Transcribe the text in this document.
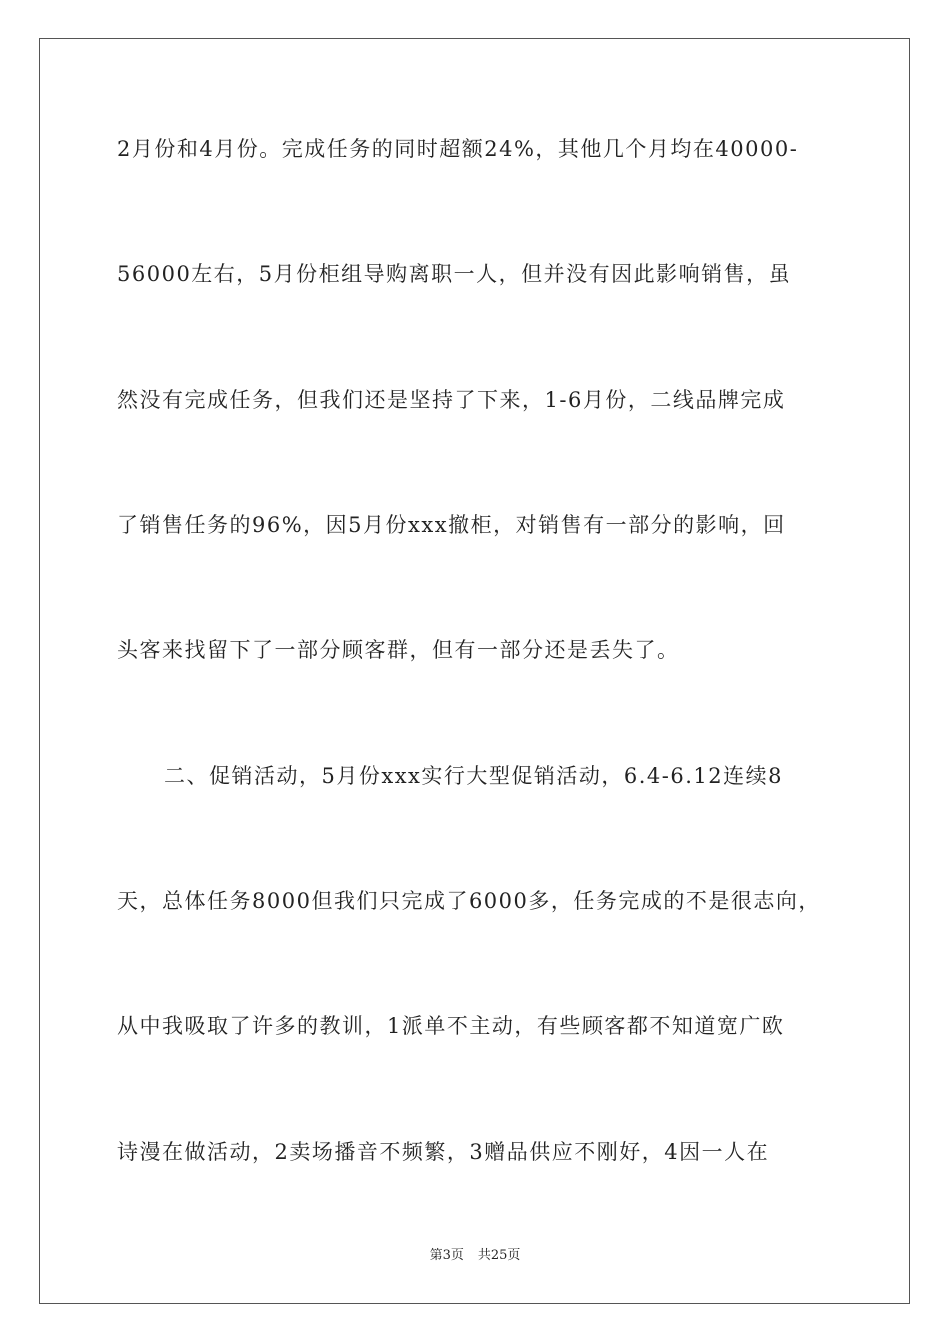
2月份和4月份。完成任务的同时超额24%，其他几个月均在40000-
56000左右，5月份柜组导购离职一人，但并没有因此影响销售，虽
然没有完成任务，但我们还是坚持了下来，1-6月份，二线品牌完成
了销售任务的96%，因5月份xxx撤柜，对销售有一部分的影响，回
头客来找留下了一部分顾客群，但有一部分还是丢失了。
二、促销活动，5月份xxx实行大型促销活动，6.4-6.12连续8
天，总体任务8000但我们只完成了6000多，任务完成的不是很志向，
从中我吸取了许多的教训，1派单不主动，有些顾客都不知道宽广欧
诗漫在做活动，2卖场播音不频繁，3赠品供应不刚好，4因一人在
第3页 共25页
